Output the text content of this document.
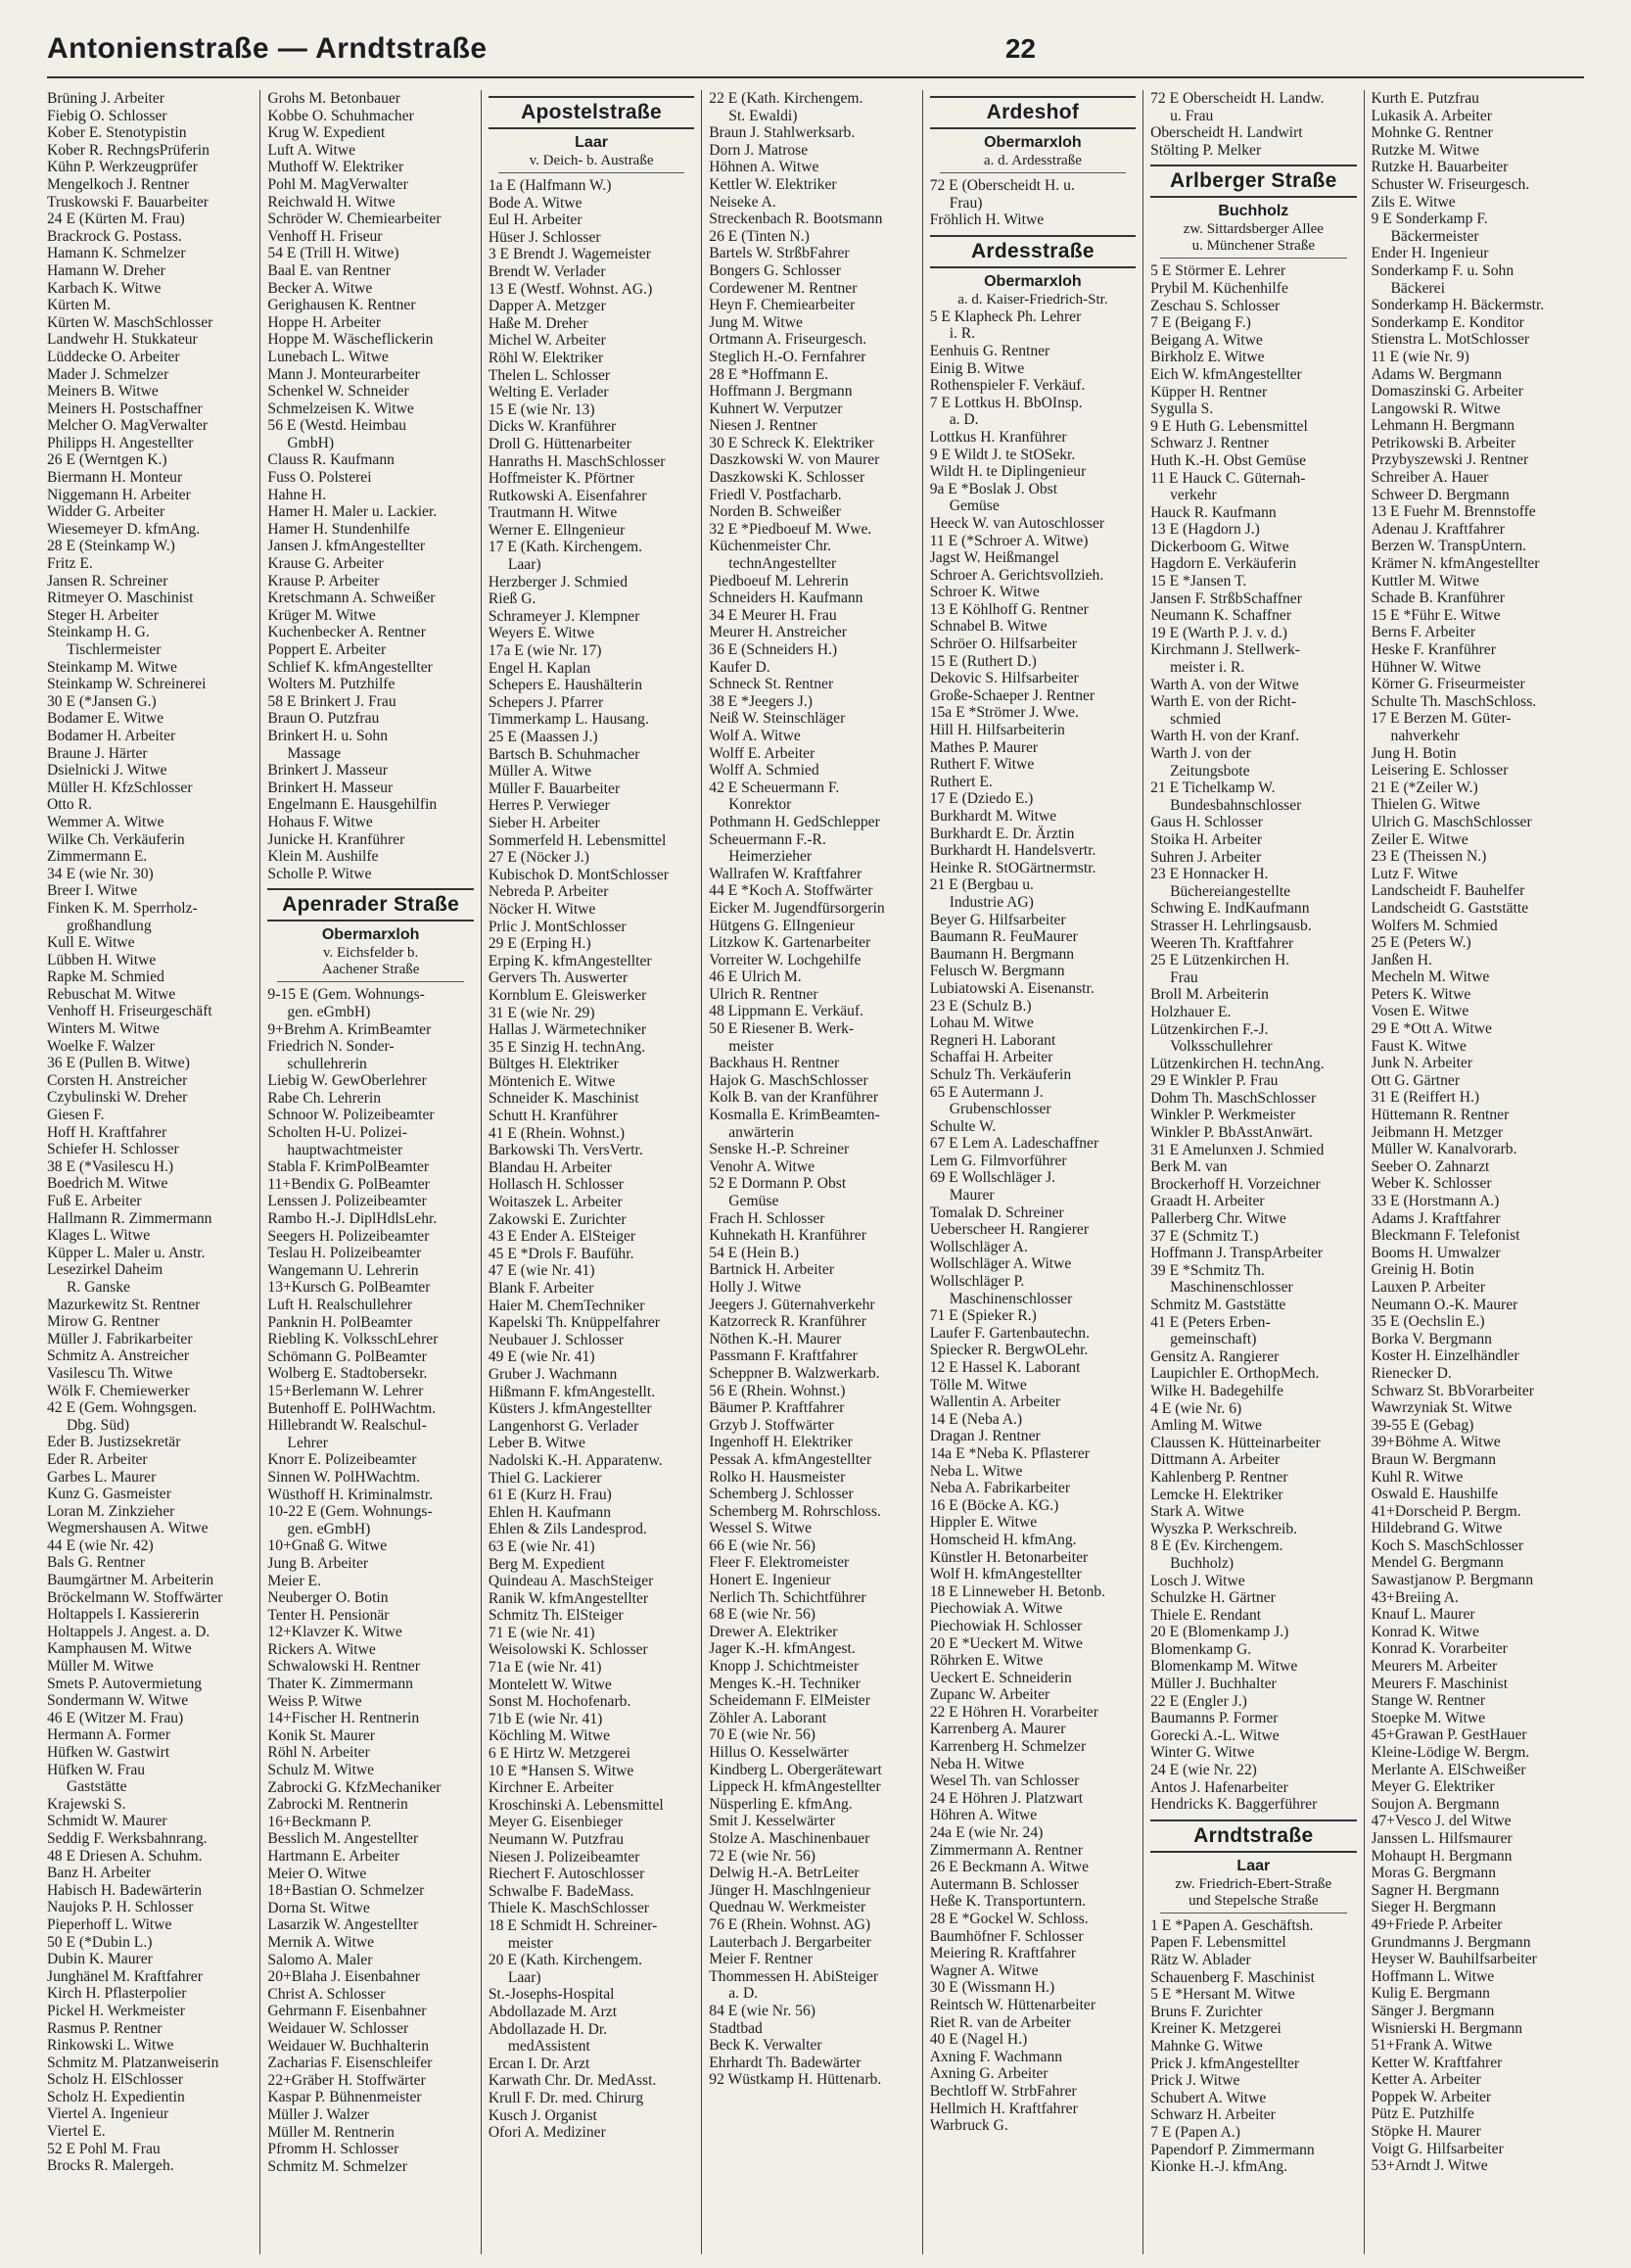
Antonienstraße — Arndtstraße	22
Brüning J. Arbeiter
Fiebig O. Schlosser
Kober E. Stenotypistin
Kober R. RechngsPrüferin
Kühn P. Werkzeugprüfer
Mengelkoch J. Rentner
Truskowski F. Bauarbeiter
24 E (Kürten M. Frau)
Brackrock G. Postass.
Hamann K. Schmelzer
Hamann W. Dreher
Karbach K. Witwe
Kürten M.
Kürten W. MaschSchlosser
Landwehr H. Stukkateur
Lüddecke O. Arbeiter
Mader J. Schmelzer
Meiners B. Witwe
Meiners H. Postschaffner
Melcher O. MagVerwalter
Philipps H. Angestellter
26 E (Werntgen K.)
Biermann H. Monteur
Niggemann H. Arbeiter
Widder G. Arbeiter
Wiesemeyer D. kfmAng.
28 E (Steinkamp W.)
Fritz E.
Jansen R. Schreiner
Ritmeyer O. Maschinist
Steger H. Arbeiter
Steinkamp H. G.
Tischlermeister
Steinkamp M. Witwe
Steinkamp W. Schreinerei
30 E (*Jansen G.)
Bodamer E. Witwe
Bodamer H. Arbeiter
Braune J. Härter
Dsielnicki J. Witwe
Müller H. KfzSchlosser
Otto R.
Wemmer A. Witwe
Wilke Ch. Verkäuferin
Zimmermann E.
34 E (wie Nr. 30)
Breer I. Witwe
Finken K. M. Sperrholz-
großhandlung
Kull E. Witwe
Lübben H. Witwe
Rapke M. Schmied
Rebuschat M. Witwe
Venhoff H. Friseurgeschäft
Winters M. Witwe
Woelke F. Walzer
36 E (Pullen B. Witwe)
Corsten H. Anstreicher
Czybulinski W. Dreher
Giesen F.
Hoff H. Kraftfahrer
Schiefer H. Schlosser
38 E (*Vasilescu H.)
Boedrich M. Witwe
Fuß E. Arbeiter
Hallmann R. Zimmermann
Klages L. Witwe
Küpper L. Maler u. Anstr.
Lesezirkel Daheim
R. Ganske
Mazurkewitz St. Rentner
Mirow G. Rentner
Müller J. Fabrikarbeiter
Schmitz A. Anstreicher
Vasilescu Th. Witwe
Wölk F. Chemiewerker
42 E (Gem. Wohngsgen.
Dbg. Süd)
Eder B. Justizsekretär
Eder R. Arbeiter
Garbes L. Maurer
Kunz G. Gasmeister
Loran M. Zinkzieher
Wegmershausen A. Witwe
44 E (wie Nr. 42)
Bals G. Rentner
Baumgärtner M. Arbeiterin
Bröckelmann W. Stoffwärter
Holtappels I. Kassiererin
Holtappels J. Angest. a. D.
Kamphausen M. Witwe
Müller M. Witwe
Smets P. Autovermietung
Sondermann W. Witwe
46 E (Witzer M. Frau)
Hermann A. Former
Hüfken W. Gastwirt
Hüfken W. Frau
Gaststätte
Krajewski S.
Schmidt W. Maurer
Seddig F. Werksbahnrang.
48 E Driesen A. Schuhm.
Banz H. Arbeiter
Habisch H. Badewärterin
Naujoks P. H. Schlosser
Pieperhoff L. Witwe
50 E (*Dubin L.)
Dubin K. Maurer
Junghänel M. Kraftfahrer
Kirch H. Pflasterpolier
Pickel H. Werkmeister
Rasmus P. Rentner
Rinkowski L. Witwe
Schmitz M. Platzanweiserin
Scholz H. ElSchlosser
Scholz H. Expedientin
Viertel A. Ingenieur
Viertel E.
52 E Pohl M. Frau
Brocks R. Malergeh.
Grohs M. Betonbauer
Kobbe O. Schuhmacher
Krug W. Expedient
Luft A. Witwe
Muthoff W. Elektriker
Pohl M. MagVerwalter
Reichwald H. Witwe
Schröder W. Chemiearbeiter
Venhoff H. Friseur
54 E (Trill H. Witwe)
Baal E. van Rentner
Becker A. Witwe
Gerighausen K. Rentner
Hoppe H. Arbeiter
Hoppe M. Wäscheflickerin
Lunebach L. Witwe
Mann J. Monteurarbeiter
Schenkel W. Schneider
Schmelzeisen K. Witwe
56 E (Westd. Heimbau
GmbH)
Clauss R. Kaufmann
Fuss O. Polsterei
Hahne H.
Hamer H. Maler u. Lackier.
Hamer H. Stundenhilfe
Jansen J. kfmAngestellter
Krause G. Arbeiter
Krause P. Arbeiter
Kretschmann A. Schweißer
Krüger M. Witwe
Kuchenbecker A. Rentner
Poppert E. Arbeiter
Schlief K. kfmAngestellter
Wolters M. Putzhilfe
58 E Brinkert J. Frau
Braun O. Putzfrau
Brinkert H. u. Sohn
Massage
Brinkert J. Masseur
Brinkert H. Masseur
Engelmann E. Hausgehilfin
Hohaus F. Witwe
Junicke H. Kranführer
Klein M. Aushilfe
Scholle P. Witwe
Apenrader Straße
Obermarxloh
v. Eichsfelder b.
Aachener Straße
9-15 E (Gem. Wohnungs-
gen. eGmbH)
9+Brehm A. KrimBeamter
Friedrich N. Sonder-
schullehrerin
Liebig W. GewOberlehrer
Rabe Ch. Lehrerin
Schnoor W. Polizeibeamter
Scholten H-U. Polizei-
hauptwachtmeister
Stabla F. KrimPolBeamter
11+Bendix G. PolBeamter
Lenssen J. Polizeibeamter
Rambo H.-J. DiplHdlsLehr.
Seegers H. Polizeibeamter
Teslau H. Polizeibeamter
Wangemann U. Lehrerin
13+Kursch G. PolBeamter
Luft H. Realschullehrer
Panknin H. PolBeamter
Riebling K. VolksschLehrer
Schömann G. PolBeamter
Wolberg E. Stadtobersekr.
15+Berlemann W. Lehrer
Butenhoff E. PolHWachtm.
Hillebrandt W. Realschul-
Lehrer
Knorr E. Polizeibeamter
Sinnen W. PolHWachtm.
Wüsthoff H. Kriminalmstr.
10-22 E (Gem. Wohnungs-
gen. eGmbH)
10+Gnaß G. Witwe
Jung B. Arbeiter
Meier E.
Neuberger O. Botin
Tenter H. Pensionär
12+Klavzer K. Witwe
Rickers A. Witwe
Schwalowski H. Rentner
Thater K. Zimmermann
Weiss P. Witwe
14+Fischer H. Rentnerin
Konik St. Maurer
Röhl N. Arbeiter
Schulz M. Witwe
Zabrocki G. KfzMechaniker
Zabrocki M. Rentnerin
16+Beckmann P.
Besslich M. Angestellter
Hartmann E. Arbeiter
Meier O. Witwe
18+Bastian O. Schmelzer
Dorna St. Witwe
Lasarzik W. Angestellter
Mernik A. Witwe
Salomo A. Maler
20+Blaha J. Eisenbahner
Christ A. Schlosser
Gehrmann F. Eisenbahner
Weidauer W. Schlosser
Weidauer W. Buchhalterin
Zacharias F. Eisenschleifer
22+Gräber H. Stoffwärter
Kaspar P. Bühnenmeister
Müller J. Walzer
Müller M. Rentnerin
Pfromm H. Schlosser
Schmitz M. Schmelzer
Apostelstraße
Laar
v. Deich- b. Austraße
1a E (Halfmann W.)
Bode A. Witwe
Eul H. Arbeiter
Hüser J. Schlosser
3 E Brendt J. Wagemeister
Brendt W. Verlader
13 E (Westf. Wohnst. AG.)
Dapper A. Metzger
Haße M. Dreher
Michel W. Arbeiter
Röhl W. Elektriker
Thelen L. Schlosser
Welting E. Verlader
15 E (wie Nr. 13)
Dicks W. Kranführer
Droll G. Hüttenarbeiter
Hanraths H. MaschSchlosser
Hoffmeister K. Pförtner
Rutkowski A. Eisenfahrer
Trautmann H. Witwe
Werner E. Ellngenieur
17 E (Kath. Kirchengem.
Laar)
Herzberger J. Schmied
Rieß G.
Schrameyer J. Klempner
Weyers E. Witwe
17a E (wie Nr. 17)
Engel H. Kaplan
Schepers E. Haushälterin
Schepers J. Pfarrer
Timmerkamp L. Hausang.
25 E (Maassen J.)
Bartsch B. Schuhmacher
Müller A. Witwe
Müller F. Bauarbeiter
Herres P. Verwieger
Sieber H. Arbeiter
Sommerfeld H. Lebensmittel
27 E (Nöcker J.)
Kubischok D. MontSchlosser
Nebreda P. Arbeiter
Nöcker H. Witwe
Prlic J. MontSchlosser
29 E (Erping H.)
Erping K. kfmAngestellter
Gervers Th. Auswerter
Kornblum E. Gleiswerker
31 E (wie Nr. 29)
Hallas J. Wärmetechniker
35 E Sinzig H. technAng.
Bültges H. Elektriker
Möntenich E. Witwe
Schneider K. Maschinist
Schutt H. Kranführer
41 E (Rhein. Wohnst.)
Barkowski Th. VersVertr.
Blandau H. Arbeiter
Hollasch H. Schlosser
Woitaszek L. Arbeiter
Zakowski E. Zurichter
43 E Ender A. ElSteiger
45 E *Drols F. Bauführ.
47 E (wie Nr. 41)
Blank F. Arbeiter
Haier M. ChemTechniker
Kapelski Th. Knüppelfahrer
Neubauer J. Schlosser
49 E (wie Nr. 41)
Gruber J. Wachmann
Hißmann F. kfmAngestellt.
Küsters J. kfmAngestellter
Langenhorst G. Verlader
Leber B. Witwe
Nadolski K.-H. Apparatenw.
Thiel G. Lackierer
61 E (Kurz H. Frau)
Ehlen H. Kaufmann
Ehlen & Zils Landesprod.
63 E (wie Nr. 41)
Berg M. Expedient
Quindeau A. MaschSteiger
Ranik W. kfmAngestellter
Schmitz Th. ElSteiger
71 E (wie Nr. 41)
Weisolowski K. Schlosser
71a E (wie Nr. 41)
Montelett W. Witwe
Sonst M. Hochofenarb.
71b E (wie Nr. 41)
Köchling M. Witwe
6 E Hirtz W. Metzgerei
10 E *Hansen S. Witwe
Kirchner E. Arbeiter
Kroschinski A. Lebensmittel
Meyer G. Eisenbieger
Neumann W. Putzfrau
Niesen J. Polizeibeamter
Riechert F. Autoschlosser
Schwalbe F. BadeMass.
Thiele K. MaschSchlosser
18 E Schmidt H. Schreiner-
meister
20 E (Kath. Kirchengem.
Laar)
St.-Josephs-Hospital
Abdollazade M. Arzt
Abdollazade H. Dr.
medAssistent
Ercan I. Dr. Arzt
Karwath Chr. Dr. MedAsst.
Krull F. Dr. med. Chirurg
Kusch J. Organist
Ofori A. Mediziner
22 E (Kath. Kirchengem.
St. Ewaldi)
Braun J. Stahlwerksarb.
Dorn J. Matrose
Höhnen A. Witwe
Kettler W. Elektriker
Neiseke A.
Streckenbach R. Bootsmann
26 E (Tinten N.)
Bartels W. StrßbFahrer
Bongers G. Schlosser
Cordewener M. Rentner
Heyn F. Chemiearbeiter
Jung M. Witwe
Ortmann A. Friseurgesch.
Steglich H.-O. Fernfahrer
28 E *Hoffmann E.
Hoffmann J. Bergmann
Kuhnert W. Verputzer
Niesen J. Rentner
30 E Schreck K. Elektriker
Daszkowski W. von Maurer
Daszkowski K. Schlosser
Friedl V. Postfacharb.
Norden B. Schweißer
32 E *Piedboeuf M. Wwe.
Küchenmeister Chr.
technAngestellter
Piedboeuf M. Lehrerin
Schneiders H. Kaufmann
34 E Meurer H. Frau
Meurer H. Anstreicher
36 E (Schneiders H.)
Kaufer D.
Schneck St. Rentner
38 E *Jeegers J.)
Neiß W. Steinschläger
Wolf A. Witwe
Wolff E. Arbeiter
Wolff A. Schmied
42 E Scheuermann F.
Konrektor
Pothmann H. GedSchlepper
Scheuermann F.-R.
Heimerzieher
Wallrafen W. Kraftfahrer
44 E *Koch A. Stoffwärter
Eicker M. Jugendfürsorgerin
Hütgens G. ElIngenieur
Litzkow K. Gartenarbeiter
Vorreiter W. Lochgehilfe
46 E Ulrich M.
Ulrich R. Rentner
48 Lippmann E. Verkäuf.
50 E Riesener B. Werk-
meister
Backhaus H. Rentner
Hajok G. MaschSchlosser
Kolk B. van der Kranführer
Kosmalla E. KrimBeamten-
anwärterin
Senske H.-P. Schreiner
Venohr A. Witwe
52 E Dormann P. Obst
Gemüse
Frach H. Schlosser
Kuhnekath H. Kranführer
54 E (Hein B.)
Bartnick H. Arbeiter
Holly J. Witwe
Jeegers J. Güternahverkehr
Katzorreck R. Kranführer
Nöthen K.-H. Maurer
Passmann F. Kraftfahrer
Scheppner B. Walzwerkarb.
56 E (Rhein. Wohnst.)
Bäumer P. Kraftfahrer
Grzyb J. Stoffwärter
Ingenhoff H. Elektriker
Pessak A. kfmAngestellter
Rolko H. Hausmeister
Schemberg J. Schlosser
Schemberg M. Rohrschloss.
Wessel S. Witwe
66 E (wie Nr. 56)
Fleer F. Elektromeister
Honert E. Ingenieur
Nerlich Th. Schichtführer
68 E (wie Nr. 56)
Drewer A. Elektriker
Jager K.-H. kfmAngest.
Knopp J. Schichtmeister
Menges K.-H. Techniker
Scheidemann F. ElMeister
Zöhler A. Laborant
70 E (wie Nr. 56)
Hillus O. Kesselwärter
Kindberg L. Obergerätewart
Lippeck H. kfmAngestellter
Nüsperling E. kfmAng.
Smit J. Kesselwärter
Stolze A. Maschinenbauer
72 E (wie Nr. 56)
Delwig H.-A. BetrLeiter
Jünger H. Maschlngenieur
Quednau W. Werkmeister
76 E (Rhein. Wohnst. AG)
Lauterbach J. Bergarbeiter
Meier F. Rentner
Thommessen H. AbiSteiger
a. D.
84 E (wie Nr. 56)
Stadtbad
Beck K. Verwalter
Ehrhardt Th. Badewärter
92 Wüstkamp H. Hüttenarb.
Ardeshof
Obermarxloh
a. d. Ardesstraße
72 E (Oberscheidt H. u.
Frau)
Fröhlich H. Witwe
Ardesstraße
Obermarxloh
a. d. Kaiser-Friedrich-Str.
5 E Klapheck Ph. Lehrer
i. R.
Eenhuis G. Rentner
Einig B. Witwe
Rothenspieler F. Verkäuf.
7 E Lottkus H. BbOInsp.
a. D.
Lottkus H. Kranführer
9 E Wildt J. te StOSekr.
Wildt H. te Diplingenieur
9a E *Boslak J. Obst
Gemüse
Heeck W. van Autoschlosser
11 E (*Schroer A. Witwe)
Jagst W. Heißmangel
Schroer A. Gerichtsvollzieh.
Schroer K. Witwe
13 E Köhlhoff G. Rentner
Schnabel B. Witwe
Schröer O. Hilfsarbeiter
15 E (Ruthert D.)
Dekovic S. Hilfsarbeiter
Große-Schaeper J. Rentner
15a E *Strömer J. Wwe.
Hill H. Hilfsarbeiterin
Mathes P. Maurer
Ruthert F. Witwe
Ruthert E.
17 E (Dziedo E.)
Burkhardt M. Witwe
Burkhardt E. Dr. Ärztin
Burkhardt H. Handelsvertr.
Heinke R. StOGärtnermstr.
21 E (Bergbau u.
Industrie AG)
Beyer G. Hilfsarbeiter
Baumann R. FeuMaurer
Baumann H. Bergmann
Felusch W. Bergmann
Lubiatowski A. Eisenanstr.
23 E (Schulz B.)
Lohau M. Witwe
Regneri H. Laborant
Schaffai H. Arbeiter
Schulz Th. Verkäuferin
65 E Autermann J.
Grubenschlosser
Schulte W.
67 E Lem A. Ladeschaffner
Lem G. Filmvorführer
69 E Wollschläger J.
Maurer
Tomalak D. Schreiner
Ueberscheer H. Rangierer
Wollschläger A.
Wollschläger A. Witwe
Wollschläger P.
Maschinenschlosser
71 E (Spieker R.)
Laufer F. Gartenbautechn.
Spiecker R. BergwOLehr.
12 E Hassel K. Laborant
Tölle M. Witwe
Wallentin A. Arbeiter
14 E (Neba A.)
Dragan J. Rentner
14a E *Neba K. Pflasterer
Neba L. Witwe
Neba A. Fabrikarbeiter
16 E (Böcke A. KG.)
Hippler E. Witwe
Homscheid H. kfmAng.
Künstler H. Betonarbeiter
Wolf H. kfmAngestellter
18 E Linneweber H. Betonb.
Piechowiak A. Witwe
Piechowiak H. Schlosser
20 E *Ueckert M. Witwe
Röhrken E. Witwe
Ueckert E. Schneiderin
Zupanc W. Arbeiter
22 E Höhren H. Vorarbeiter
Karrenberg A. Maurer
Karrenberg H. Schmelzer
Neba H. Witwe
Wesel Th. van Schlosser
24 E Höhren J. Platzwart
Höhren A. Witwe
24a E (wie Nr. 24)
Zimmermann A. Rentner
26 E Beckmann A. Witwe
Autermann B. Schlosser
Heße K. Transportuntern.
28 E *Gockel W. Schloss.
Baumhöfner F. Schlosser
Meiering R. Kraftfahrer
Wagner A. Witwe
30 E (Wissmann H.)
Reintsch W. Hüttenarbeiter
Riet R. van de Arbeiter
40 E (Nagel H.)
Axning F. Wachmann
Axning G. Arbeiter
Bechtloff W. StrbFahrer
Hellmich H. Kraftfahrer
Warbruck G.
72 E Oberscheidt H. Landw.
u. Frau
Oberscheidt H. Landwirt
Stölting P. Melker
Arlberger Straße
Buchholz
zw. Sittardsberger Allee
u. Münchener Straße
5 E Störmer E. Lehrer
Prybil M. Küchenhilfe
Zeschau S. Schlosser
7 E (Beigang F.)
Beigang A. Witwe
Birkholz E. Witwe
Eich W. kfmAngestellter
Küpper H. Rentner
Sygulla S.
9 E Huth G. Lebensmittel
Schwarz J. Rentner
Huth K.-H. Obst Gemüse
11 E Hauck C. Güternah-
verkehr
Hauck R. Kaufmann
13 E (Hagdorn J.)
Dickerboom G. Witwe
Hagdorn E. Verkäuferin
15 E *Jansen T.
Jansen F. StrßbSchaffner
Neumann K. Schaffner
19 E (Warth P. J. v. d.)
Kirchmann J. Stellwerk-
meister i. R.
Warth A. von der Witwe
Warth E. von der Richt-
schmied
Warth H. von der Kranf.
Warth J. von der
Zeitungsbote
21 E Tichelkamp W.
Bundesbahnschlosser
Gaus H. Schlosser
Stoika H. Arbeiter
Suhren J. Arbeiter
23 E Honnacker H.
Büchereiangestellte
Schwing E. IndKaufmann
Strasser H. Lehrlingsausb.
Weeren Th. Kraftfahrer
25 E Lützenkirchen H.
Frau
Broll M. Arbeiterin
Holzhauer E.
Lützenkirchen F.-J.
Volksschullehrer
Lützenkirchen H. technAng.
29 E Winkler P. Frau
Dohm Th. MaschSchlosser
Winkler P. Werkmeister
Winkler P. BbAsstAnwärt.
31 E Amelunxen J. Schmied
Berk M. van
Brockerhoff H. Vorzeichner
Graadt H. Arbeiter
Pallerberg Chr. Witwe
37 E (Schmitz T.)
Hoffmann J. TranspArbeiter
39 E *Schmitz Th.
Maschinenschlosser
Schmitz M. Gaststätte
41 E (Peters Erben-
gemeinschaft)
Gensitz A. Rangierer
Laupichler E. OrthopMech.
Wilke H. Badegehilfe
4 E (wie Nr. 6)
Amling M. Witwe
Claussen K. Hütteinarbeiter
Dittmann A. Arbeiter
Kahlenberg P. Rentner
Lemcke H. Elektriker
Stark A. Witwe
Wyszka P. Werkschreib.
8 E (Ev. Kirchengem.
Buchholz)
Losch J. Witwe
Schulzke H. Gärtner
Thiele E. Rendant
20 E (Blomenkamp J.)
Blomenkamp G.
Blomenkamp M. Witwe
Müller J. Buchhalter
22 E (Engler J.)
Baumanns P. Former
Gorecki A.-L. Witwe
Winter G. Witwe
24 E (wie Nr. 22)
Antos J. Hafenarbeiter
Hendricks K. Baggerführer
Arndtstraße
Laar
zw. Friedrich-Ebert-Straße
und Stepelsche Straße
1 E *Papen A. Geschäftsh.
Papen F. Lebensmittel
Rätz W. Ablader
Schauenberg F. Maschinist
5 E *Hersant M. Witwe
Bruns F. Zurichter
Kreiner K. Metzgerei
Mahnke G. Witwe
Prick J. kfmAngestellter
Prick J. Witwe
Schubert A. Witwe
Schwarz H. Arbeiter
7 E (Papen A.)
Papendorf P. Zimmermann
Kionke H.-J. kfmAng.
Kurth E. Putzfrau
Lukasik A. Arbeiter
Mohnke G. Rentner
Rutzke M. Witwe
Rutzke H. Bauarbeiter
Schuster W. Friseurgesch.
Zils E. Witwe
9 E Sonderkamp F.
Bäckermeister
Ender H. Ingenieur
Sonderkamp F. u. Sohn
Bäckerei
Sonderkamp H. Bäckermstr.
Sonderkamp E. Konditor
Stienstra L. MotSchlosser
11 E (wie Nr. 9)
Adams W. Bergmann
Domaszinski G. Arbeiter
Langowski R. Witwe
Lehmann H. Bergmann
Petrikowski B. Arbeiter
Przybyszewski J. Rentner
Schreiber A. Hauer
Schweer D. Bergmann
13 E Fuehr M. Brennstoffe
Adenau J. Kraftfahrer
Berzen W. TranspUntern.
Krämer N. kfmAngestellter
Kuttler M. Witwe
Schade B. Kranführer
15 E *Führ E. Witwe
Berns F. Arbeiter
Heske F. Kranführer
Hühner W. Witwe
Körner G. Friseurmeister
Schulte Th. MaschSchloss.
17 E Berzen M. Güter-
nahverkehr
Jung H. Botin
Leisering E. Schlosser
21 E (*Zeiler W.)
Thielen G. Witwe
Ulrich G. MaschSchlosser
Zeiler E. Witwe
23 E (Theissen N.)
Lutz F. Witwe
Landscheidt F. Bauhelfer
Landscheidt G. Gaststätte
Wolfers M. Schmied
25 E (Peters W.)
Janßen H.
Mecheln M. Witwe
Peters K. Witwe
Vosen E. Witwe
29 E *Ott A. Witwe
Faust K. Witwe
Junk N. Arbeiter
Ott G. Gärtner
31 E (Reiffert H.)
Hüttemann R. Rentner
Jeibmann H. Metzger
Müller W. Kanalvorarb.
Seeber O. Zahnarzt
Weber K. Schlosser
33 E (Horstmann A.)
Adams J. Kraftfahrer
Bleckmann F. Telefonist
Booms H. Umwalzer
Greinig H. Botin
Lauxen P. Arbeiter
Neumann O.-K. Maurer
35 E (Oechslin E.)
Borka V. Bergmann
Koster H. Einzelhändler
Rienecker D.
Schwarz St. BbVorarbeiter
Wawrzyniak St. Witwe
39-55 E (Gebag)
39+Böhme A. Witwe
Braun W. Bergmann
Kuhl R. Witwe
Oswald E. Haushilfe
41+Dorscheid P. Bergm.
Hildebrand G. Witwe
Koch S. MaschSchlosser
Mendel G. Bergmann
Sawastjanow P. Bergmann
43+Breiing A.
Knauf L. Maurer
Konrad K. Witwe
Konrad K. Vorarbeiter
Meurers M. Arbeiter
Meurers F. Maschinist
Stange W. Rentner
Stoepke M. Witwe
45+Grawan P. GestHauer
Kleine-Lödige W. Bergm.
Merlante A. ElSchweißer
Meyer G. Elektriker
Soujon A. Bergmann
47+Vesco J. del Witwe
Janssen L. Hilfsmaurer
Mohaupt H. Bergmann
Moras G. Bergmann
Sagner H. Bergmann
Sieger H. Bergmann
49+Friede P. Arbeiter
Grundmanns J. Bergmann
Heyser W. Bauhilfsarbeiter
Hoffmann L. Witwe
Kulig E. Bergmann
Sänger J. Bergmann
Wisnierski H. Bergmann
51+Frank A. Witwe
Ketter W. Kraftfahrer
Ketter A. Arbeiter
Poppek W. Arbeiter
Pütz E. Putzhilfe
Stöpke H. Maurer
Voigt G. Hilfsarbeiter
53+Arndt J. Witwe
